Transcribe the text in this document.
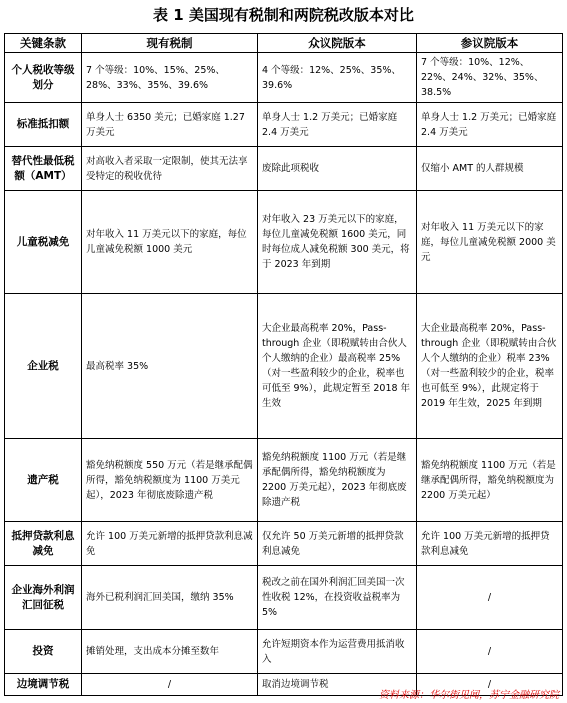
表 1 美国现有税制和两院税改版本对比
关键条款	现有税制	众议院版本	参议院版本
个人税收等级划分	7 个等级：10%、15%、25%、28%、33%、35%、39.6%	4 个等级：12%、25%、35%、39.6%	7 个等级：10%、12%、22%、24%、32%、35%、38.5%
标准抵扣额	单身人士 6350 美元；已婚家庭 1.27 万美元	单身人士 1.2 万美元；已婚家庭 2.4 万美元	单身人士 1.2 万美元；已婚家庭 2.4 万美元
替代性最低税额（AMT）	对高收入者采取一定限制，使其无法享受特定的税收优待	废除此项税收	仅缩小 AMT 的人群规模
儿童税减免	对年收入 11 万美元以下的家庭，每位儿童减免税额 1000 美元	对年收入 23 万美元以下的家庭，每位儿童减免税额 1600 美元，同时每位成人减免税额 300 美元，将于 2023 年到期	对年收入 11 万美元以下的家庭，每位儿童减免税额 2000 美元
企业税	最高税率 35%	大企业最高税率 20%，Pass-through 企业（即税赋转由合伙人个人缴纳的企业）最高税率 25%（对一些盈利较少的企业，税率也可低至 9%），此规定暂至 2018 年生效	大企业最高税率 20%，Pass-through 企业（即税赋转由合伙人个人缴纳的企业）税率 23%（对一些盈利较少的企业，税率也可低至 9%），此规定将于 2019 年生效，2025 年到期
遗产税	豁免纳税额度 550 万元（若是继承配偶所得，豁免纳税额度为 1100 万美元起），2023 年彻底废除遗产税	豁免纳税额度 1100 万元（若是继承配偶所得，豁免纳税额度为 2200 万美元起），2023 年彻底废除遗产税	豁免纳税额度 1100 万元（若是继承配偶所得，豁免纳税额度为 2200 万美元起）
抵押贷款利息减免	允许 100 万美元新增的抵押贷款利息减免	仅允许 50 万美元新增的抵押贷款利息减免	允许 100 万美元新增的抵押贷款利息减免
企业海外利润汇回征税	海外已税利润汇回美国，缴纳 35%	税改之前在国外利润汇回美国一次性收税 12%，在投资收益税率为 5%	/
投资	摊销处理，支出成本分摊至数年	允许短期资本作为运营费用抵消收入	/
边境调节税	/	取消边境调节税	/
资料来源：华尔街见闻，苏宁金融研究院
